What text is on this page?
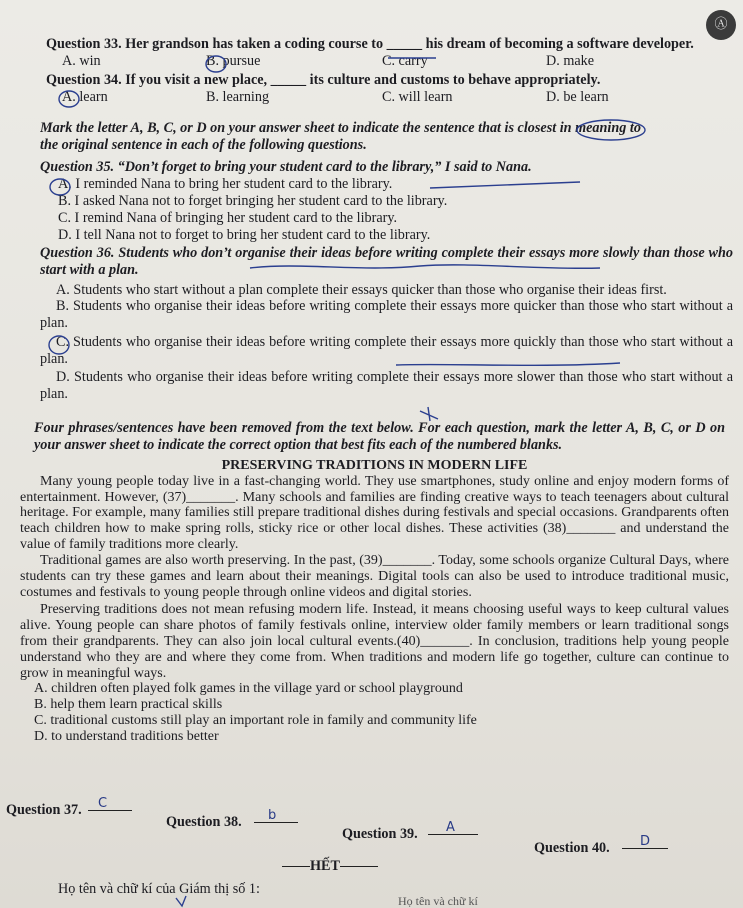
Ⓐ
Question 33. Her grandson has taken a coding course to _____ his dream of becoming a software developer.
A. win	B. pursue	C. carry	D. make
Question 34. If you visit a new place, _____ its culture and customs to behave appropriately.
A. learn	B. learning	C. will learn	D. be learn
Mark the letter A, B, C, or D on your answer sheet to indicate the sentence that is closest in meaning to
the original sentence in each of the following questions.
Question 35. “Don’t forget to bring your student card to the library,” I said to Nana.
A. I reminded Nana to bring her student card to the library.
B. I asked Nana not to forget bringing her student card to the library.
C. I remind Nana of bringing her student card to the library.
D. I tell Nana not to forget to bring her student card to the library.
Question 36. Students who don’t organise their ideas before writing complete their essays more slowly than those who start with a plan.
A. Students who start without a plan complete their essays quicker than those who organise their ideas first.
B. Students who organise their ideas before writing complete their essays more quicker than those who start without a plan.
C. Students who organise their ideas before writing complete their essays more quickly than those who start without a plan.
D. Students who organise their ideas before writing complete their essays more slower than those who start without a plan.
Four phrases/sentences have been removed from the text below. For each question, mark the letter A, B, C, or D on your answer sheet to indicate the correct option that best fits each of the numbered blanks.
PRESERVING TRADITIONS IN MODERN LIFE
Many young people today live in a fast-changing world. They use smartphones, study online and enjoy modern forms of entertainment. However, (37)_______. Many schools and families are finding creative ways to teach teenagers about cultural heritage. For example, many families still prepare traditional dishes during festivals and special occasions. Grandparents often teach children how to make spring rolls, sticky rice or other local dishes. These activities (38)_______ and understand the value of family traditions more clearly.
Traditional games are also worth preserving. In the past, (39)_______. Today, some schools organize Cultural Days, where students can try these games and learn about their meanings. Digital tools can also be used to introduce traditional music, costumes and festivals to young people through online videos and digital stories.
Preserving traditions does not mean refusing modern life. Instead, it means choosing useful ways to keep cultural values alive. Young people can share photos of family festivals online, interview older family members or learn traditional songs from their grandparents. They can also join local cultural events.(40)_______. In conclusion, traditions help young people understand who they are and where they come from. When traditions and modern life go together, culture can continue to grow in meaningful ways.
A. children often played folk games in the village yard or school playground
B. help them learn practical skills
C. traditional customs still play an important role in family and community life
D. to understand traditions better
Question 37. C
Question 38. b
Question 39. A
Question 40. D
HẾT
Họ tên và chữ kí của Giám thị số 1:
Họ tên và chữ kí
